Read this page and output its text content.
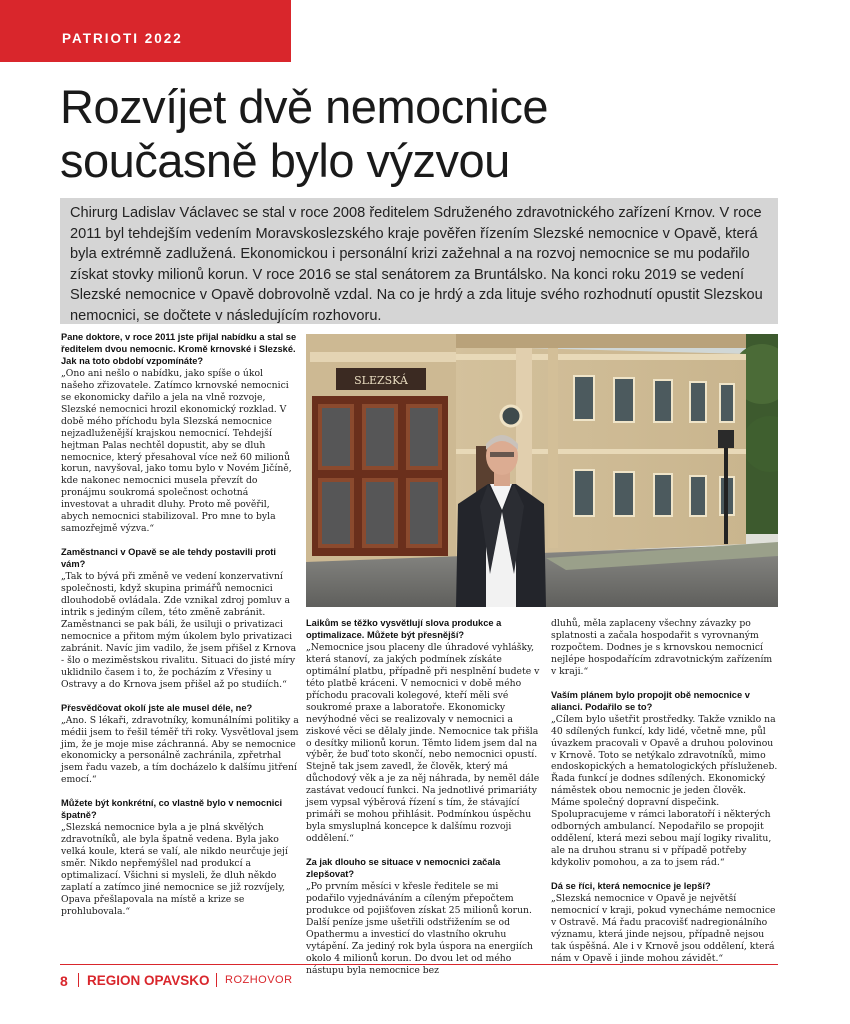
PATRIOTI 2022
Rozvíjet dvě nemocnice
současně bylo výzvou

Chirurg Ladislav Václavec se stal v roce 2008 ředitelem Sdruženého zdravotnického zařízení Krnov. V roce 2011 byl tehdejším vedením Moravskoslezského kraje pověřen řízením Slezské nemocnice v Opavě, která byla extrémně zadlužená. Ekonomickou i personální krizi zažehnal a na rozvoj nemocnice se mu podařilo získat stovky milionů korun. V roce 2016 se stal senátorem za Bruntálsko. Na konci roku 2019 se vedení Slezské nemocnice v Opavě dobrovolně vzdal. Na co je hrdý a zda lituje svého rozhodnutí opustit Slezskou nemocnici, se dočtete v následujícím rozhovoru.

Pane doktore, v roce 2011 jste přijal nabídku a stal se ředitelem dvou nemocnic. Kromě krnovské i Slezské. Jak na toto období vzpomínáte?

„Ono ani nešlo o nabídku, jako spíše o úkol našeho zřizovatele. Zatímco krnovské nemocnici se ekonomicky dařilo a jela na vlně rozvoje, Slezské nemocnici hrozil ekonomický rozklad. V době mého příchodu byla Slezská nemocnice nejzadluženější krajskou nemocnicí. Tehdejší hejtman Palas nechtěl dopustit, aby se dluh nemocnice, který přesahoval více než 60 milionů korun, navyšoval, jako tomu bylo v Novém Jičíně, kde nakonec nemocnici musela převzít do pronájmu soukromá společnost ochotná investovat a uhradit dluhy. Proto mě pověřil, abych nemocnici stabilizoval. Pro mne to byla samozřejmě výzva.“

Zaměstnanci v Opavě se ale tehdy postavili proti vám?

„Tak to bývá při změně ve vedení konzervativní společnosti, když skupina primářů nemocnici dlouhodobě ovládala. Zde vznikal zdroj pomluv a intrik s jediným cílem, této změně zabránit. Zaměstnanci se pak báli, že usiluji o privatizaci nemocnice a přitom mým úkolem bylo privatizaci zabránit. Navíc jim vadilo, že jsem přišel z Krnova - šlo o meziměstskou rivalitu. Situaci do jisté míry uklidnilo časem i to, že pocházím z Vřesiny u Ostravy a do Krnova jsem přišel až po studiích.“

Přesvědčovat okolí jste ale musel déle, ne?

„Ano. S lékaři, zdravotníky, komunálními politiky a médii jsem to řešil téměř tři roky. Vysvětloval jsem jim, že je moje mise záchranná. Aby se nemocnice ekonomicky a personálně zachránila, zpřetrhal jsem řadu vazeb, a tím docházelo k dalšímu jitření emocí.“

Můžete být konkrétní, co vlastně bylo v nemocnici špatně?

„Slezská nemocnice byla a je plná skvělých zdravotníků, ale byla špatně vedena. Byla jako velká koule, která se valí, ale nikdo neurčuje její směr. Nikdo nepřemýšlel nad produkcí a optimalizací. Všichni si mysleli, že dluh někdo zaplatí a zatímco jiné nemocnice se již rozvíjely, Opava přešlapovala na místě a krize se prohlubovala.“

SLEZSKÁ

Laikům se těžko vysvětlují slova produkce a optimalizace. Můžete být přesnější?

„Nemocnice jsou placeny dle úhradové vyhlášky, která stanoví, za jakých podmínek získáte optimální platbu, případně při nesplnění budete v této platbě kráceni. V nemocnici v době mého příchodu pracovali kolegové, kteří měli své soukromé praxe a laboratoře. Ekonomicky nevýhodné věci se realizovaly v nemocnici a ziskové věci se dělaly jinde. Nemocnice tak přišla o desítky milionů korun. Těmto lidem jsem dal na výběr, že buď toto skončí, nebo nemocnici opustí. Stejně tak jsem zavedl, že člověk, který má důchodový věk a je za něj náhrada, by neměl dále zastávat vedoucí funkci. Na jednotlivé primariáty jsem vypsal výběrová řízení s tím, že stávající primáři se mohou přihlásit. Podmínkou úspěchu byla smysluplná koncepce k dalšímu rozvoji oddělení.“

Za jak dlouho se situace v nemocnici začala zlepšovat?

„Po prvním měsíci v křesle ředitele se mi podařilo vyjednáváním a cíleným přepočtem produkce od pojišťoven získat 25 milionů korun. Další peníze jsme ušetřili odstřižením se od Opathermu a investicí do vlastního okruhu vytápění. Za jediný rok byla úspora na energiích okolo 4 milionů korun. Do dvou let od mého nástupu byla nemocnice bez

dluhů, měla zaplaceny všechny závazky po splatnosti a začala hospodařit s vyrovnaným rozpočtem. Dodnes je s krnovskou nemocnicí nejlépe hospodařícím zdravotnickým zařízením v kraji.“

Vaším plánem bylo propojit obě nemocnice v alianci. Podařilo se to?

„Cílem bylo ušetřit prostředky. Takže vzniklo na 40 sdílených funkcí, kdy lidé, včetně mne, půl úvazkem pracovali v Opavě a druhou polovinou v Krnově. Toto se netýkalo zdravotníků, mimo endoskopických a hematologických přísluženeb. Řada funkcí je dodnes sdílených. Ekonomický náměstek obou nemocnic je jeden člověk. Máme společný dopravní dispečink. Spolupracujeme v rámci laboratoří i některých odborných ambulancí. Nepodařilo se propojit oddělení, která mezi sebou mají logiky rivalitu, ale na druhou stranu si v případě potřeby kdykoliv pomohou, a za to jsem rád.“

Dá se říci, která nemocnice je lepší?

„Slezská nemocnice v Opavě je největší nemocnicí v kraji, pokud vynecháme nemocnice v Ostravě. Má řadu pracovišť nadregionálního významu, která jinde nejsou, případně nejsou tak úspěšná. Ale i v Krnově jsou oddělení, která nám v Opavě i jinde mohou závidět.“

8 REGION OPAVSKO ROZHOVOR
